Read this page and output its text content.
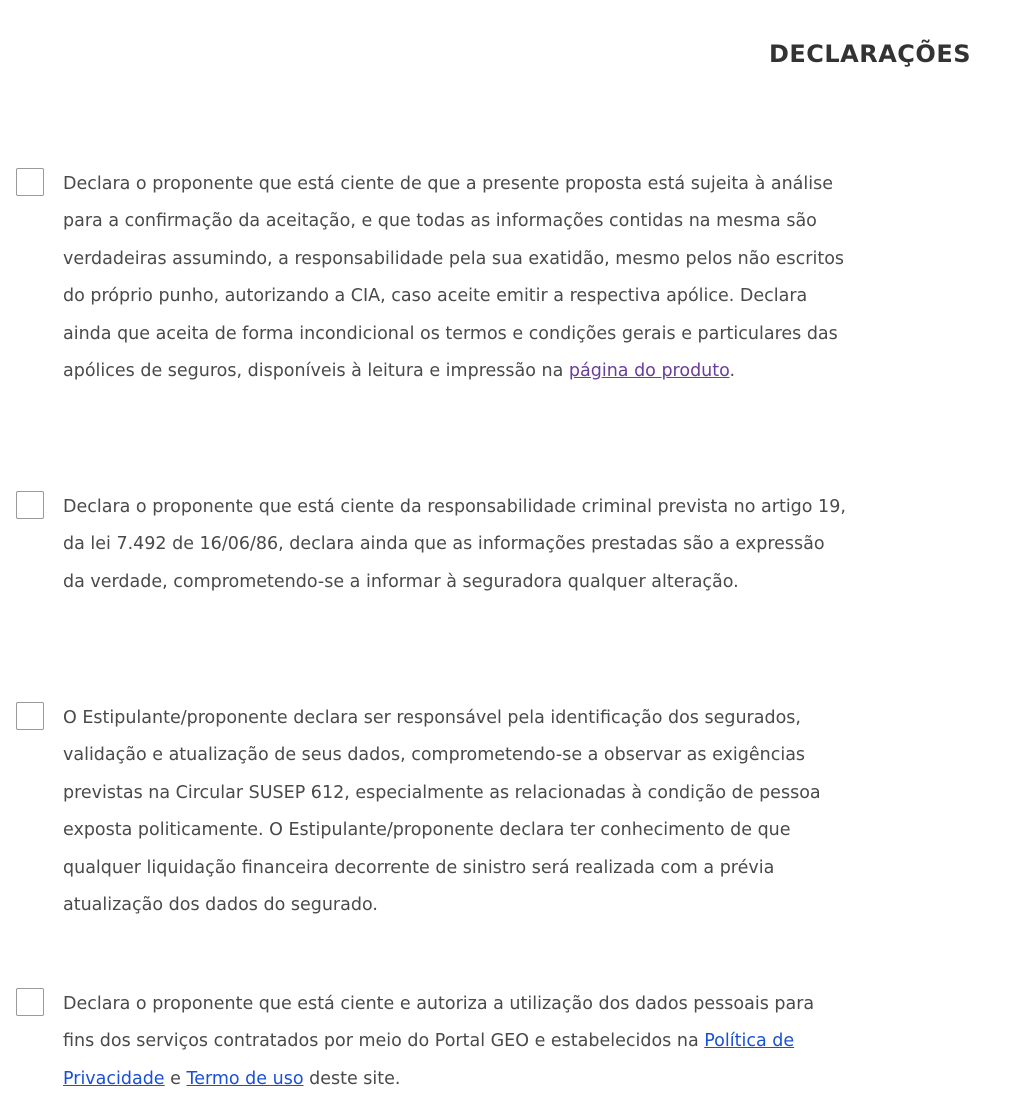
DECLARAÇÕES

Declara o proponente que está ciente de que a presente proposta está sujeita à análise para a confirmação da aceitação, e que todas as informações contidas na mesma são verdadeiras assumindo, a responsabilidade pela sua exatidão, mesmo pelos não escritos do próprio punho, autorizando a CIA, caso aceite emitir a respectiva apólice. Declara ainda que aceita de forma incondicional os termos e condições gerais e particulares das apólices de seguros, disponíveis à leitura e impressão na página do produto.

Declara o proponente que está ciente da responsabilidade criminal prevista no artigo 19, da lei 7.492 de 16/06/86, declara ainda que as informações prestadas são a expressão da verdade, comprometendo-se a informar à seguradora qualquer alteração.

O Estipulante/proponente declara ser responsável pela identificação dos segurados, validação e atualização de seus dados, comprometendo-se a observar as exigências previstas na Circular SUSEP 612, especialmente as relacionadas à condição de pessoa exposta politicamente. O Estipulante/proponente declara ter conhecimento de que qualquer liquidação financeira decorrente de sinistro será realizada com a prévia atualização dos dados do segurado.

Declara o proponente que está ciente e autoriza a utilização dos dados pessoais para fins dos serviços contratados por meio do Portal GEO e estabelecidos na Política de Privacidade e Termo de uso deste site.
